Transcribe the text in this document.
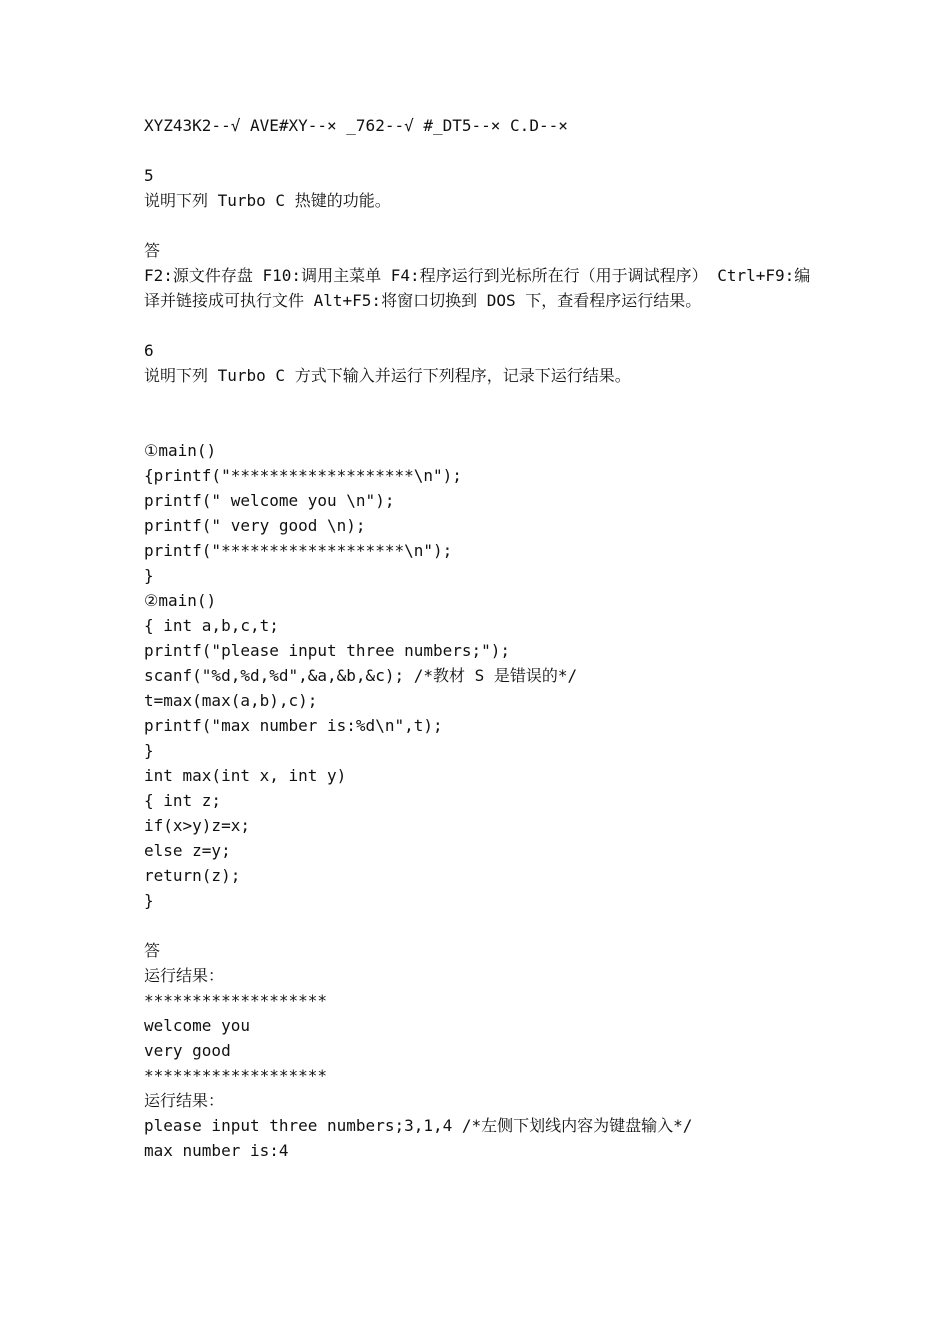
XYZ43K2--√ AVE#XY--× _762--√ #_DT5--× C.D--×
5
说明下列 Turbo C 热键的功能。
答
F2:源文件存盘 F10:调用主菜单 F4:程序运行到光标所在行（用于调试程序） Ctrl+F9:编译并链接成可执行文件 Alt+F5:将窗口切换到 DOS 下，查看程序运行结果。
6
说明下列 Turbo C 方式下输入并运行下列程序，记录下运行结果。
①main()
{printf("*******************\n");
printf(" welcome you \n");
printf(" very good \n);
printf("*******************\n");
}
②main()
{ int a,b,c,t;
printf("please input three numbers;");
scanf("%d,%d,%d",&a,&b,&c); /*教材 S 是错误的*/
t=max(max(a,b),c);
printf("max number is:%d\n",t);
}
int max(int x, int y)
{ int z;
if(x>y)z=x;
else z=y;
return(z);
}
答
运行结果：
*******************
welcome you
very good
*******************
运行结果：
please input three numbers;3,1,4 /*左侧下划线内容为键盘输入*/
max number is:4
